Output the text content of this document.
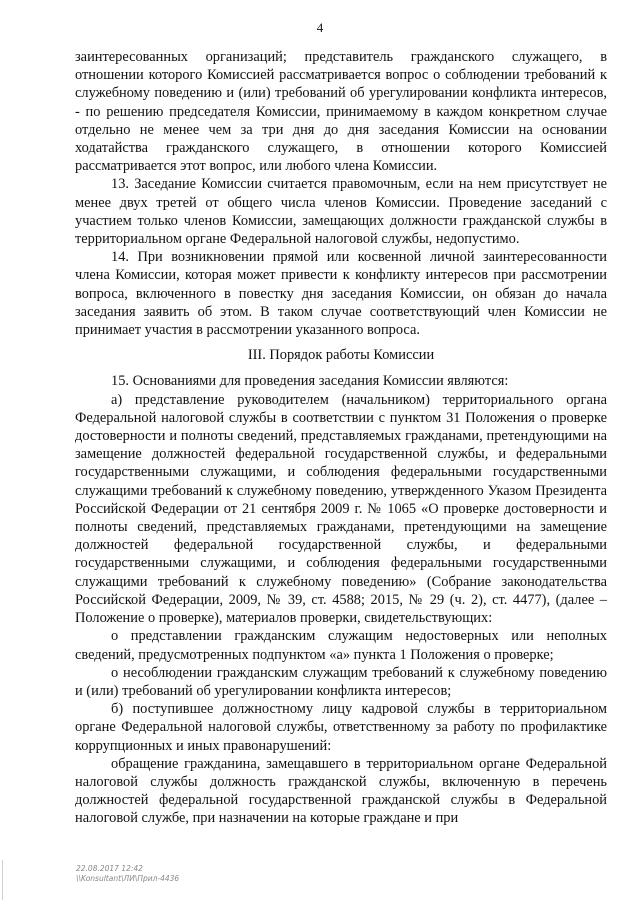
4

заинтересованных организаций; представитель гражданского служащего, в отношении которого Комиссией рассматривается вопрос о соблюдении требований к служебному поведению и (или) требований об урегулировании конфликта интересов, - по решению председателя Комиссии, принимаемому в каждом конкретном случае отдельно не менее чем за три дня до дня заседания Комиссии на основании ходатайства гражданского служащего, в отношении которого Комиссией рассматривается этот вопрос, или любого члена Комиссии.

13. Заседание Комиссии считается правомочным, если на нем присутствует не менее двух третей от общего числа членов Комиссии. Проведение заседаний с участием только членов Комиссии, замещающих должности гражданской службы в территориальном органе Федеральной налоговой службы, недопустимо.

14. При возникновении прямой или косвенной личной заинтересованности члена Комиссии, которая может привести к конфликту интересов при рассмотрении вопроса, включенного в повестку дня заседания Комиссии, он обязан до начала заседания заявить об этом. В таком случае соответствующий член Комиссии не принимает участия в рассмотрении указанного вопроса.

III. Порядок работы Комиссии

15. Основаниями для проведения заседания Комиссии являются:

а) представление руководителем (начальником) территориального органа Федеральной налоговой службы в соответствии с пунктом 31 Положения о проверке достоверности и полноты сведений, представляемых гражданами, претендующими на замещение должностей федеральной государственной службы, и федеральными государственными служащими, и соблюдения федеральными государственными служащими требований к служебному поведению, утвержденного Указом Президента Российской Федерации от 21 сентября 2009 г. № 1065 «О проверке достоверности и полноты сведений, представляемых гражданами, претендующими на замещение должностей федеральной государственной службы, и федеральными государственными служащими, и соблюдения федеральными государственными служащими требований к служебному поведению» (Собрание законодательства Российской Федерации, 2009, № 39, ст. 4588; 2015, № 29 (ч. 2), ст. 4477), (далее – Положение о проверке), материалов проверки, свидетельствующих:

о представлении гражданским служащим недостоверных или неполных сведений, предусмотренных подпунктом «а» пункта 1 Положения о проверке;

о несоблюдении гражданским служащим требований к служебному поведению и (или) требований об урегулировании конфликта интересов;

б) поступившее должностному лицу кадровой службы в территориальном органе Федеральной налоговой службы, ответственному за работу по профилактике коррупционных и иных правонарушений:

обращение гражданина, замещавшего в территориальном органе Федеральной налоговой службы должность гражданской службы, включенную в перечень должностей федеральной государственной гражданской службы в Федеральной налоговой службе, при назначении на которые граждане и при

22.08.2017 12:42
\\Konsultant\ЛИ\Прил-4436
